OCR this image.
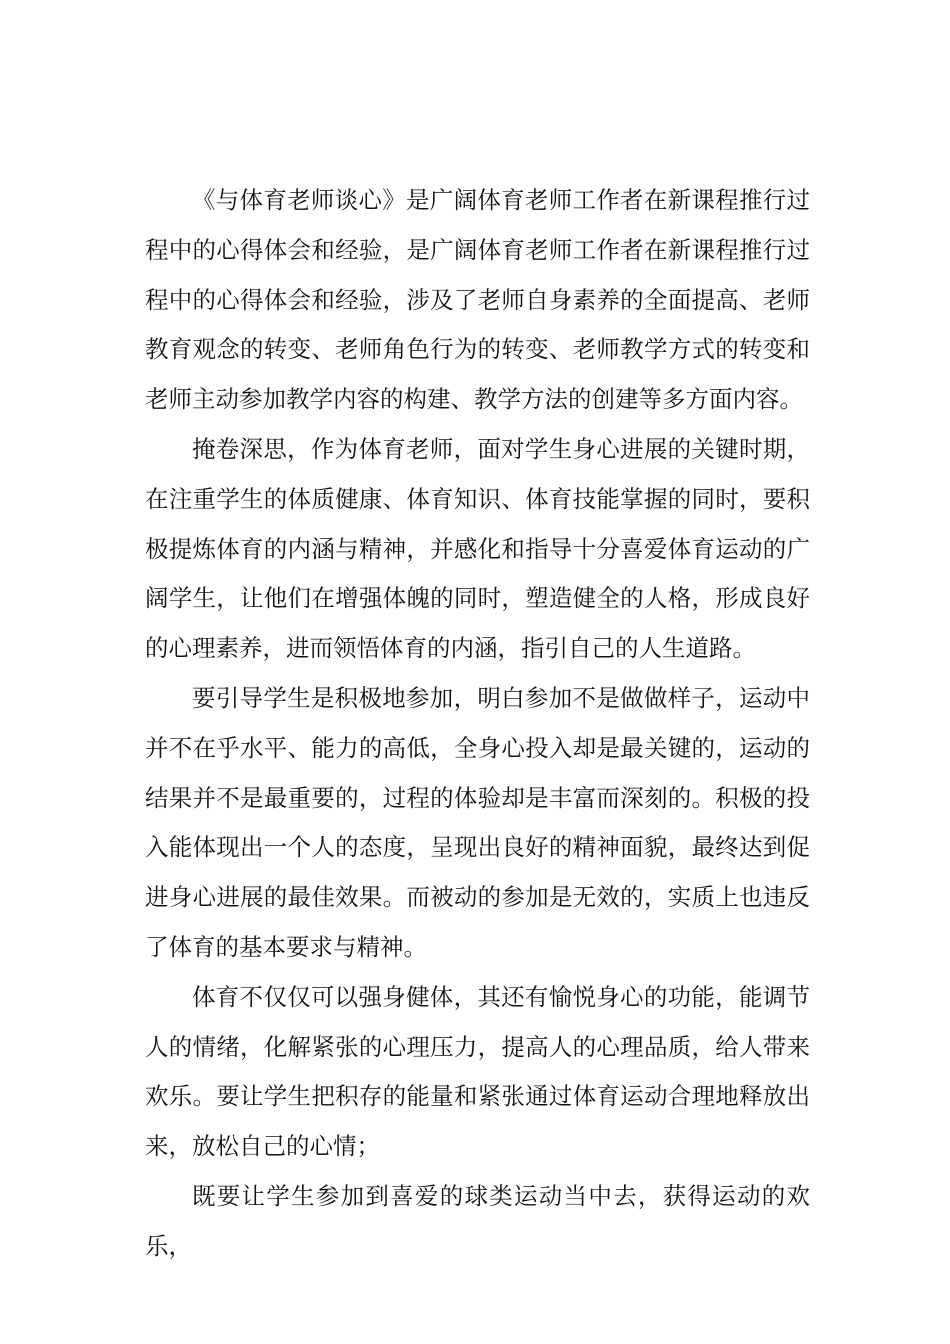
《与体育老师谈心》是广阔体育老师工作者在新课程推行过程中的心得体会和经验，是广阔体育老师工作者在新课程推行过程中的心得体会和经验，涉及了老师自身素养的全面提高、老师教育观念的转变、老师角色行为的转变、老师教学方式的转变和老师主动参加教学内容的构建、教学方法的创建等多方面内容。

掩卷深思，作为体育老师，面对学生身心进展的关键时期，在注重学生的体质健康、体育知识、体育技能掌握的同时，要积极提炼体育的内涵与精神，并感化和指导十分喜爱体育运动的广阔学生，让他们在增强体魄的同时，塑造健全的人格，形成良好的心理素养，进而领悟体育的内涵，指引自己的人生道路。

要引导学生是积极地参加，明白参加不是做做样子，运动中并不在乎水平、能力的高低，全身心投入却是最关键的，运动的结果并不是最重要的，过程的体验却是丰富而深刻的。积极的投入能体现出一个人的态度，呈现出良好的精神面貌，最终达到促进身心进展的最佳效果。而被动的参加是无效的，实质上也违反了体育的基本要求与精神。

体育不仅仅可以强身健体，其还有愉悦身心的功能，能调节人的情绪，化解紧张的心理压力，提高人的心理品质，给人带来欢乐。要让学生把积存的能量和紧张通过体育运动合理地释放出来，放松自己的心情；

既要让学生参加到喜爱的球类运动当中去，获得运动的欢乐，
